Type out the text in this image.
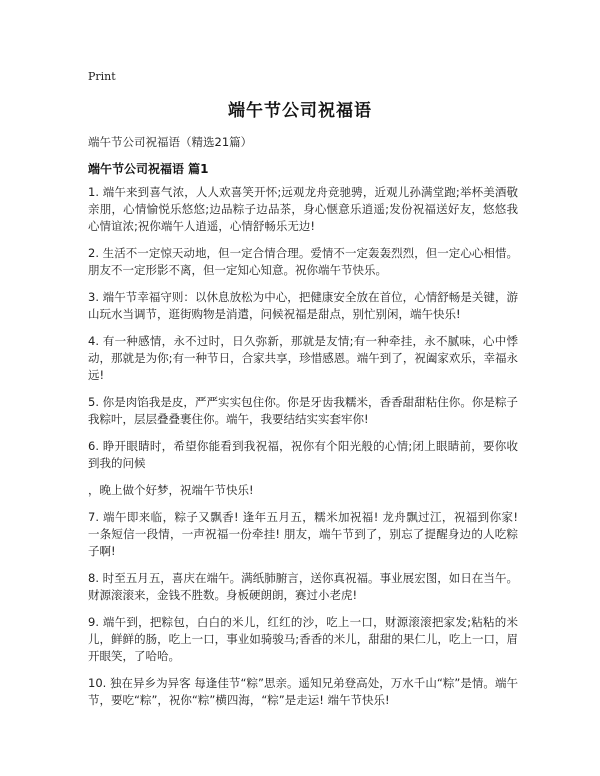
Print
端午节公司祝福语
端午节公司祝福语（精选21篇）
端午节公司祝福语 篇1

1. 端午来到喜气浓，人人欢喜笑开怀;远观龙舟竞驰骋，近观儿孙满堂跑;举杯美酒敬亲朋，心情愉悦乐悠悠;边品粽子边品茶，身心惬意乐逍遥;发份祝福送好友，悠悠我心情谊浓;祝你端午人逍遥，心情舒畅乐无边!

2. 生活不一定惊天动地，但一定合情合理。爱情不一定轰轰烈烈，但一定心心相惜。朋友不一定形影不离，但一定知心知意。祝你端午节快乐。

3. 端午节幸福守则：以休息放松为中心，把健康安全放在首位，心情舒畅是关键，游山玩水当调节，逛街购物是消遣，问候祝福是甜点，别忙别闲，端午快乐!

4. 有一种感情，永不过时，日久弥新，那就是友情;有一种牵挂，永不腻味，心中悸动，那就是为你;有一种节日，合家共享，珍惜感恩。端午到了，祝阖家欢乐，幸福永远!

5. 你是肉馅我是皮，严严实实包住你。你是牙齿我糯米，香香甜甜粘住你。你是粽子我粽叶，层层叠叠裹住你。端午，我要结结实实套牢你!

6. 睁开眼睛时，希望你能看到我祝福，祝你有个阳光般的心情;闭上眼睛前，要你收到我的问候

，晚上做个好梦，祝端午节快乐!

7. 端午即来临，粽子又飘香! 逢年五月五，糯米加祝福! 龙舟飘过江，祝福到你家! 一条短信一段情，一声祝福一份牵挂! 朋友，端午节到了，别忘了提醒身边的人吃粽子啊!

8. 时至五月五，喜庆在端午。满纸肺腑言，送你真祝福。事业展宏图，如日在当午。财源滚滚来，金钱不胜数。身板硬朗朗，赛过小老虎!

9. 端午到，把粽包，白白的米儿，红红的沙，吃上一口，财源滚滚把家发;粘粘的米儿，鲜鲜的肠，吃上一口，事业如骑骏马;香香的米儿，甜甜的果仁儿，吃上一口，眉开眼笑，了哈哈。

10. 独在异乡为异客 每逢佳节“粽”思亲。遥知兄弟登高处，万水千山“粽”是情。端午节，要吃“粽”，祝你“粽”横四海，“粽”是走运! 端午节快乐!
